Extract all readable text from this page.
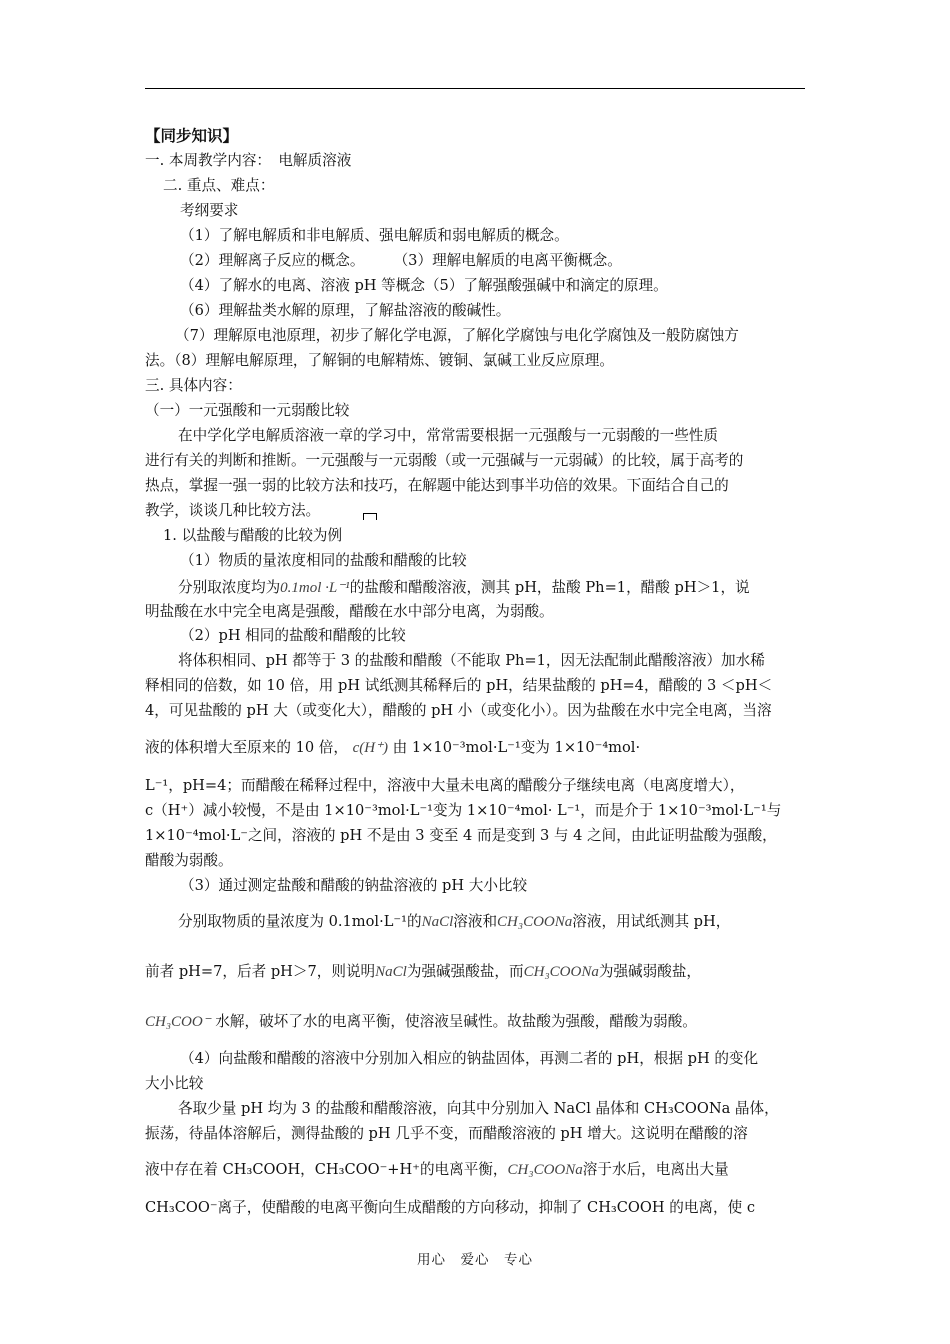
【同步知识】
一. 本周教学内容：　电解质溶液
二. 重点、难点：
考纲要求
（1）了解电解质和非电解质、强电解质和弱电解质的概念。
（2）理解离子反应的概念。　　　（3）理解电解质的电离平衡概念。
（4）了解水的电离、溶液 pH 等概念（5）了解强酸强碱中和滴定的原理。
（6）理解盐类水解的原理，了解盐溶液的酸碱性。
（7）理解原电池原理，初步了解化学电源，了解化学腐蚀与电化学腐蚀及一般防腐蚀方
法。（8）理解电解原理，了解铜的电解精炼、镀铜、氯碱工业反应原理。
三. 具体内容：
（一）一元强酸和一元弱酸比较
在中学化学电解质溶液一章的学习中，常常需要根据一元强酸与一元弱酸的一些性质
进行有关的判断和推断。一元强酸与一元弱酸（或一元强碱与一元弱碱）的比较，属于高考的
热点，掌握一强一弱的比较方法和技巧，在解题中能达到事半功倍的效果。下面结合自己的
教学，谈谈几种比较方法。
1. 以盐酸与醋酸的比较为例
（1）物质的量浓度相同的盐酸和醋酸的比较
分别取浓度均为0.1mol ·L⁻¹的盐酸和醋酸溶液，测其 pH，盐酸 Ph=1，醋酸 pH＞1，说
明盐酸在水中完全电离是强酸，醋酸在水中部分电离，为弱酸。
（2）pH 相同的盐酸和醋酸的比较
将体积相同、pH 都等于 3 的盐酸和醋酸（不能取 Ph=1，因无法配制此醋酸溶液）加水稀
释相同的倍数，如 10 倍，用 pH 试纸测其稀释后的 pH，结果盐酸的 pH=4，醋酸的 3 ＜pH＜
4，可见盐酸的 pH 大（或变化大），醋酸的 pH 小（或变化小）。因为盐酸在水中完全电离，当溶
液的体积增大至原来的 10 倍， c(H⁺) 由 1×10⁻³mol·L⁻¹变为 1×10⁻⁴mol·
L⁻¹，pH=4；而醋酸在稀释过程中，溶液中大量未电离的醋酸分子继续电离（电离度增大），
c（H⁺）减小较慢，不是由 1×10⁻³mol·L⁻¹变为 1×10⁻⁴mol· L⁻¹，而是介于 1×10⁻³mol·L⁻¹与
1×10⁻⁴mol·L⁻之间，溶液的 pH 不是由 3 变至 4 而是变到 3 与 4 之间，由此证明盐酸为强酸，
醋酸为弱酸。
（3）通过测定盐酸和醋酸的钠盐溶液的 pH 大小比较
分别取物质的量浓度为 0.1mol·L⁻¹的NaCl溶液和CH₃COONa溶液，用试纸测其 pH，
前者 pH=7，后者 pH＞7，则说明NaCl为强碱强酸盐，而CH₃COONa为强碱弱酸盐，
CH₃COO⁻ 水解，破坏了水的电离平衡，使溶液呈碱性。故盐酸为强酸，醋酸为弱酸。
（4）向盐酸和醋酸的溶液中分别加入相应的钠盐固体，再测二者的 pH，根据 pH 的变化
大小比较
各取少量 pH 均为 3 的盐酸和醋酸溶液，向其中分别加入 NaCl 晶体和 CH₃COONa 晶体，
振荡，待晶体溶解后，测得盐酸的 pH 几乎不变，而醋酸溶液的 pH 增大。这说明在醋酸的溶
液中存在着 CH₃COOH，CH₃COO⁻+H⁺的电离平衡，CH₃COONa溶于水后，电离出大量
CH₃COO⁻离子，使醋酸的电离平衡向生成醋酸的方向移动，抑制了 CH₃COOH 的电离，使 c
用心　爱心　专心
